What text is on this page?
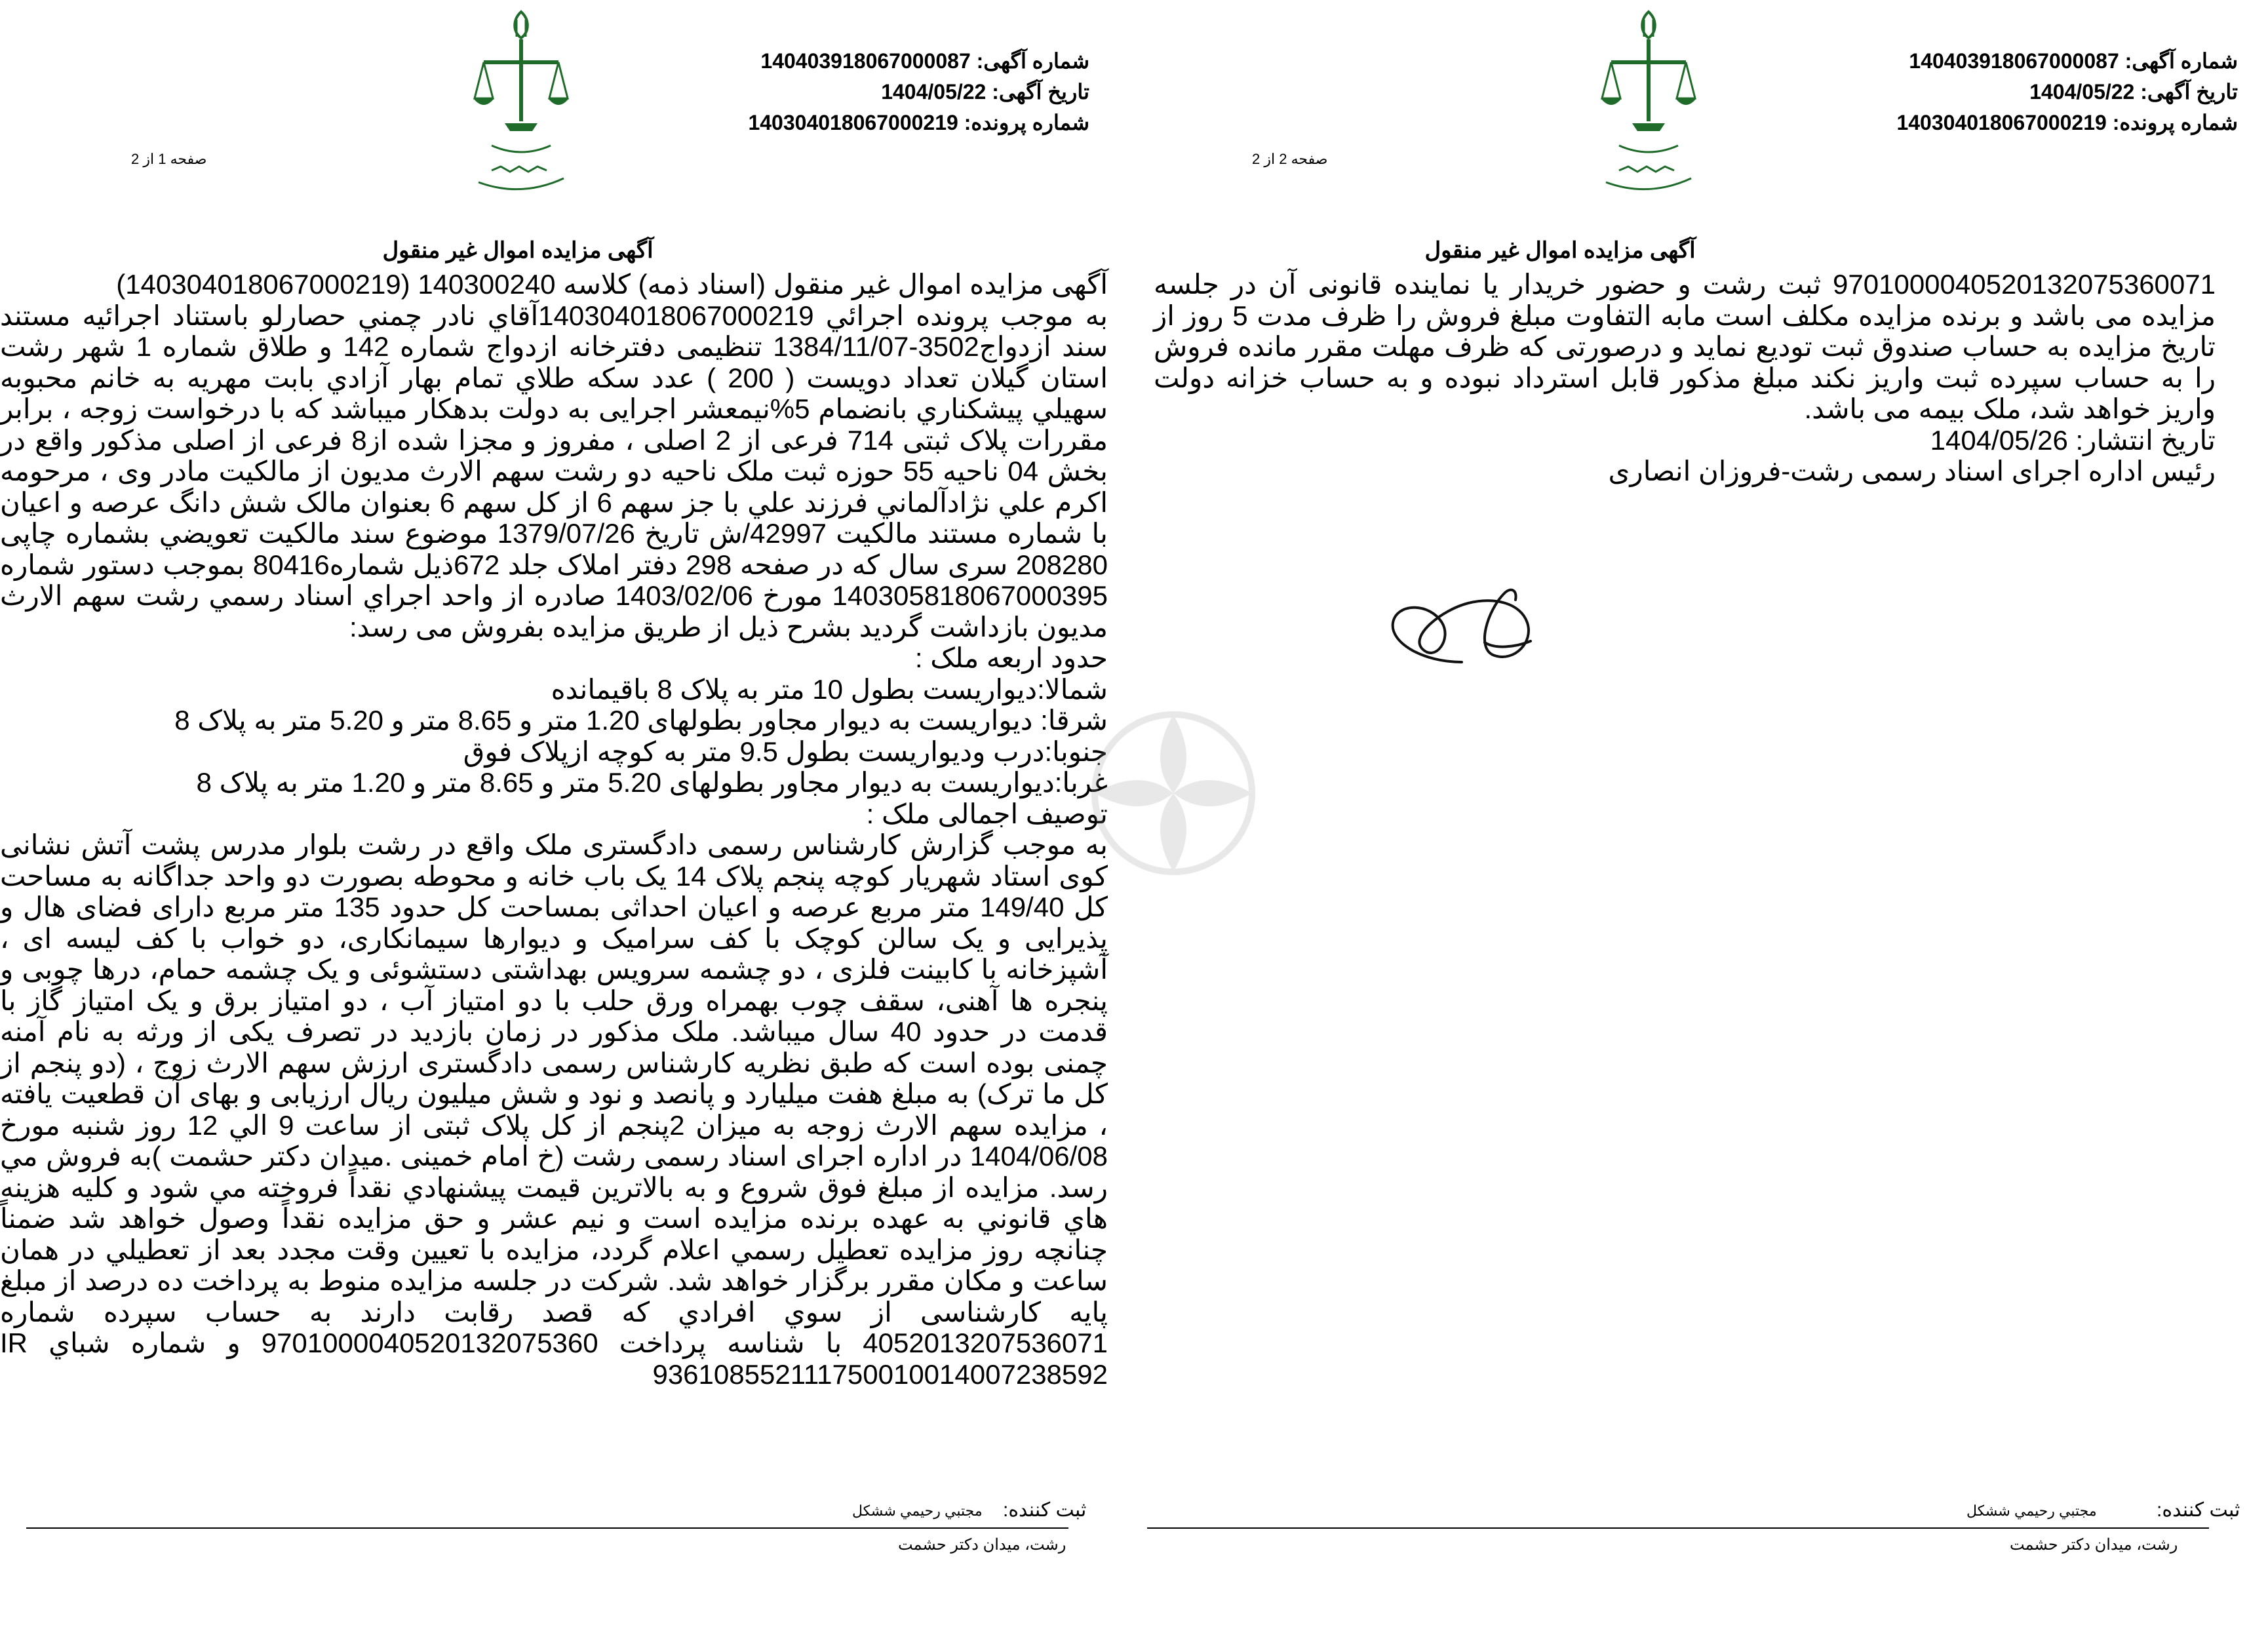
شماره آگهی: 140403918067000087
تاریخ آگهی: 1404/05/22
شماره پرونده: 140304018067000219
صفحه 1 از 2
آگهی مزایده اموال غیر منقول

آگهی مزایده اموال غیر منقول (اسناد ذمه) کلاسه 140300240 (140304018067000219)

به موجب پرونده اجرائي 140304018067000219آقاي نادر چمني حصارلو باستناد اجرائيه مستند سند ازدواج3502-1384/11/07 تنظيمی دفترخانه ازدواج شماره 142 و طلاق شماره 1 شهر رشت استان گيلان تعداد دويست ( 200 ) عدد سكه طلاي تمام بهار آزادي بابت مهريه به خانم محبوبه سهيلي پيشكناري بانضمام 5%نيمعشر اجرايی به دولت بدهكار ميباشد كه با درخواست زوجه ، برابر مقررات پلاک ثبتی 714 فرعی از 2 اصلی ، مفروز و مجزا شده از8 فرعی از اصلی مذكور واقع در بخش 04 ناحيه 55 حوزه ثبت ملک ناحيه دو رشت سهم الارث مديون از مالكيت مادر وی ، مرحومه اكرم علي نژادآلماني فرزند علي با جز سهم 6 از كل سهم 6 بعنوان مالک شش دانگ عرصه و اعيان با شماره مستند مالكيت 42997/ش تاريخ 1379/07/26 موضوع سند مالكيت تعويضي بشماره چاپی 208280 سری سال كه در صفحه 298 دفتر املاک جلد 672ذيل شماره80416 بموجب دستور شماره 140305818067000395 مورخ 1403/02/06 صادره از واحد اجراي اسناد رسمي رشت سهم الارث مديون بازداشت گرديد بشرح ذيل از طريق مزايده بفروش می رسد:

حدود اربعه ملک :

شمالا:ديواريست بطول 10 متر به پلاک 8 باقيمانده

شرقا: ديواريست به ديوار مجاور بطولهای 1.20 متر و 8.65 متر و 5.20 متر به پلاک 8

جنوبا:درب وديواريست بطول 9.5 متر به كوچه ازپلاک فوق

غربا:ديواريست به ديوار مجاور بطولهای 5.20 متر و 8.65 متر و 1.20 متر به پلاک 8

توصيف اجمالی ملک :

به موجب گزارش كارشناس رسمی دادگستری ملک واقع در رشت بلوار مدرس پشت آتش نشانی كوی استاد شهريار كوچه پنجم پلاک 14 يک باب خانه و محوطه بصورت دو واحد جداگانه به مساحت كل 149/40 متر مربع عرصه و اعيان احداثی بمساحت كل حدود 135 متر مربع دارای فضای هال و پذيرايی و يک سالن كوچک با كف سراميک و ديوارها سيمانكاری، دو خواب با كف ليسه ای ، آشپزخانه با كابينت فلزی ، دو چشمه سرويس بهداشتی دستشوئی و يک چشمه حمام، درها چوبی و پنجره ها آهنی، سقف چوب بهمراه ورق حلب با دو امتياز آب ، دو امتياز برق و يک امتياز گاز با قدمت در حدود 40 سال ميباشد. ملک مذكور در زمان بازديد در تصرف يكی از ورثه به نام آمنه چمنی بوده است كه طبق نظريه كارشناس رسمی دادگستری ارزش سهم الارث زوج ، (دو پنجم از كل ما ترک) به مبلغ هفت ميليارد و پانصد و نود و شش ميليون ريال ارزيابی و بهای آن قطعيت يافته ، مزايده سهم الارث زوجه به ميزان 2پنجم از كل پلاک ثبتی از ساعت 9 الي 12 روز شنبه مورخ 1404/06/08 در اداره اجرای اسناد رسمی رشت (خ امام خمينی .ميدان دكتر حشمت )به فروش مي رسد. مزايده از مبلغ فوق شروع و به بالاترين قيمت پيشنهادي نقداً فروخته مي شود و كليه هزينه هاي قانوني به عهده برنده مزايده است و نيم عشر و حق مزايده نقداً وصول خواهد شد ضمناً چنانچه روز مزايده تعطيل رسمي اعلام گردد، مزايده با تعيين وقت مجدد بعد از تعطيلي در همان ساعت و مكان مقرر برگزار خواهد شد. شركت در جلسه مزايده منوط به پرداخت ده درصد از مبلغ پايه كارشناسی از سوي افرادي كه قصد رقابت دارند به حساب سپرده شماره 4052013207536071 با شناسه پرداخت 9701000040520132075360 و شماره شباي IR 936108552111750010014007238592

ثبت كننده:
مجتبي رحيمي ششكل
رشت، ميدان دكتر حشمت
شماره آگهی: 140403918067000087
تاریخ آگهی: 1404/05/22
شماره پرونده: 140304018067000219
صفحه 2 از 2
آگهی مزایده اموال غیر منقول

9701000040520132075360071 ثبت رشت و حضور خريدار يا نماينده قانونی آن در جلسه مزايده می باشد و برنده مزايده مكلف است مابه التفاوت مبلغ فروش را ظرف مدت 5 روز از تاريخ مزايده به حساب صندوق ثبت توديع نمايد و درصورتی كه ظرف مهلت مقرر مانده فروش را به حساب سپرده ثبت واريز نكند مبلغ مذكور قابل استرداد نبوده و به حساب خزانه دولت واريز خواهد شد، ملک بيمه می باشد.

تاريخ انتشار: 1404/05/26

رئيس اداره اجرای اسناد رسمی رشت-فروزان انصاری

ثبت كننده:
مجتبي رحيمي ششكل
رشت، ميدان دكتر حشمت
